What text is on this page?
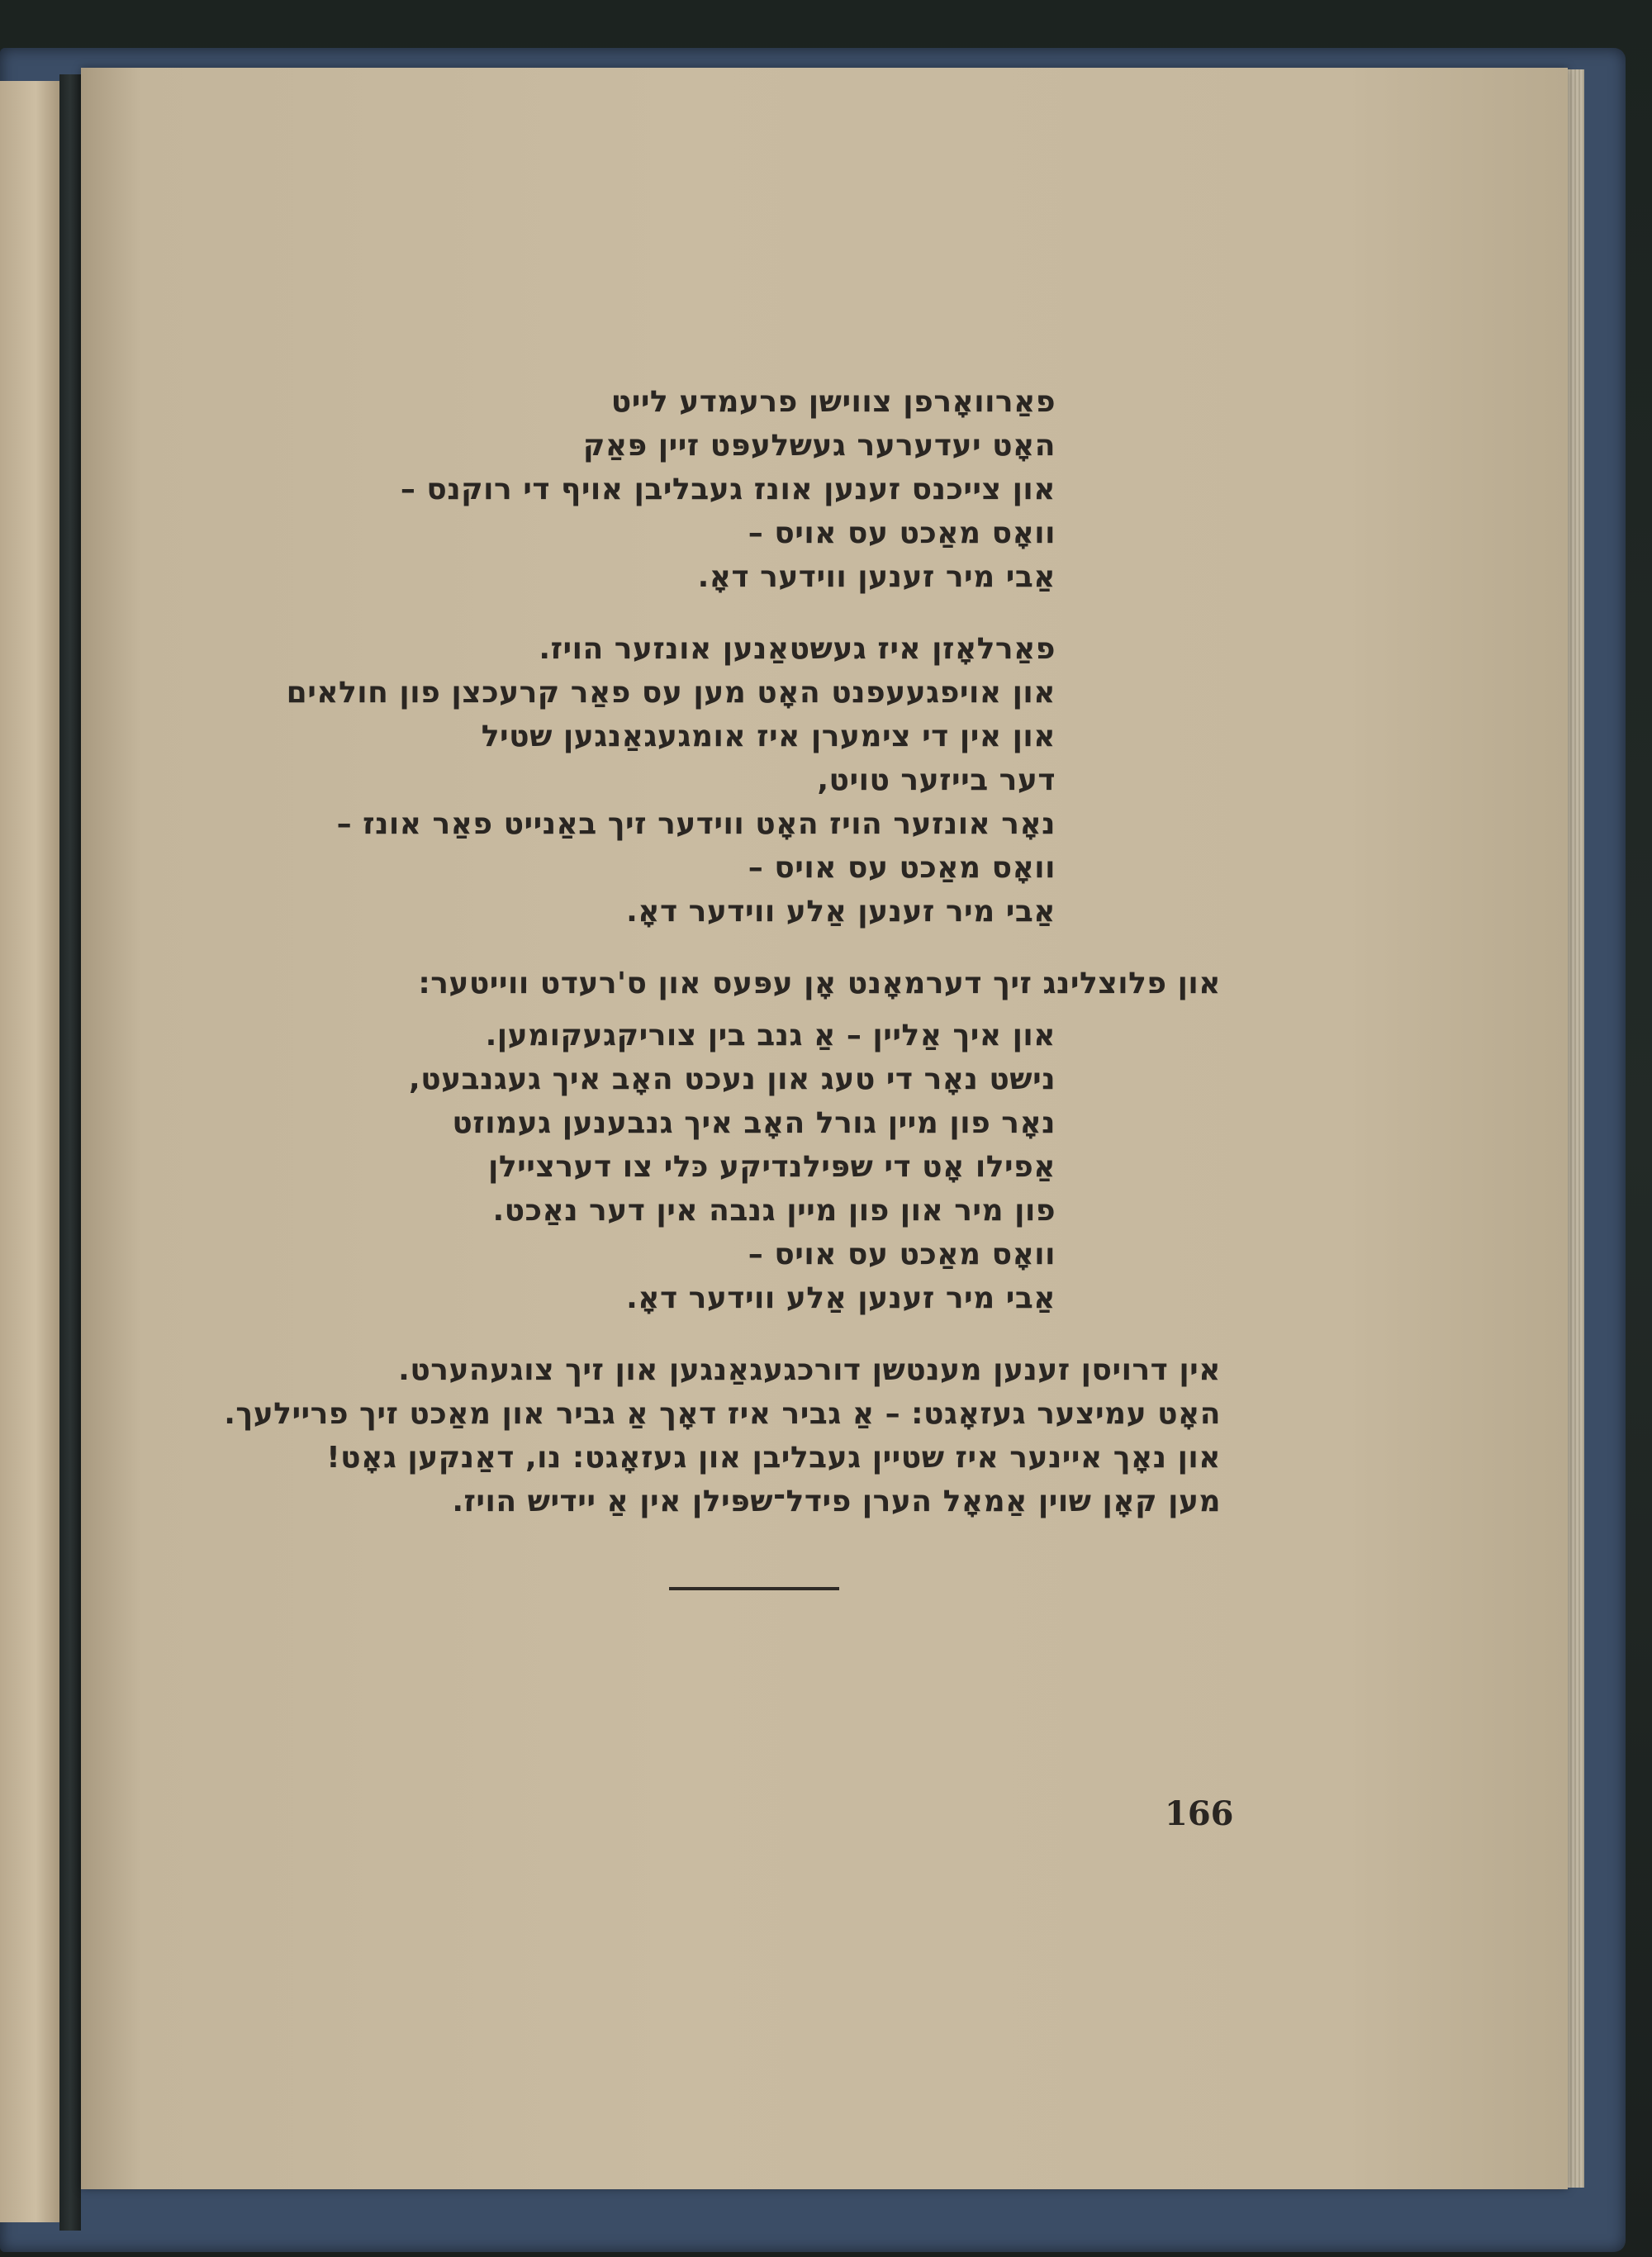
פאַרוואָרפן צווישן פרעמדע לייט
האָט יעדערער געשלעפּט זיין פּאַק
און צייכנס זענען אונז געבליבן אויף די רוקנס –
וואָס מאַכט עס אויס –
אַבי מיר זענען ווידער דאָ.
פאַרלאָזן איז געשטאַנען אונזער הויז.
און אויפגעעפנט האָט מען עס פאַר קרעכצן פון חולאים
און אין די צימערן איז אומגעגאַנגען שטיל
דער בייזער טויט,
נאָר אונזער הויז האָט ווידער זיך באַנייט פאַר אונז –
וואָס מאַכט עס אויס –
אַבי מיר זענען אַלע ווידער דאָ.
און פלוצלינג זיך דערמאָנט אָן עפּעס און ס'רעדט ווייטער:
און איך אַליין – אַ גנב בין צוריקגעקומען.
נישט נאָר די טעג און נעכט האָב איך געגנבעט,
נאָר פון מיין גורל האָב איך גנבענען געמוזט
אַפילו אָט די שפּילנדיקע כּלי צו דערציילן
פון מיר און פון מיין גנבה אין דער נאַכט.
וואָס מאַכט עס אויס –
אַבי מיר זענען אַלע ווידער דאָ.
אין דרויסן זענען מענטשן דורכגעגאַנגען און זיך צוגעהערט.
האָט עמיצער געזאָגט: – אַ גביר איז דאָך אַ גביר און מאַכט זיך פריילעך.
און נאָך איינער איז שטיין געבליבן און געזאָגט: נו, דאַנקען גאָט!
מען קאָן שוין אַמאָל הערן פידל־שפּילן אין אַ יידיש הויז.
166
